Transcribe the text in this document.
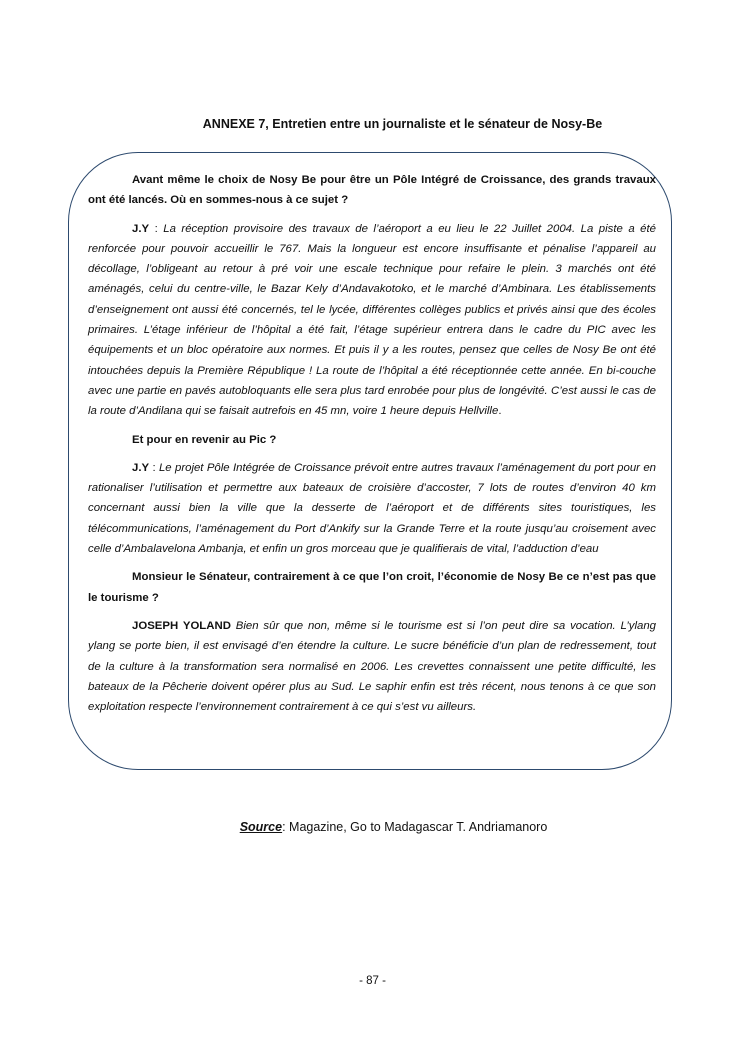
ANNEXE 7, Entretien entre un journaliste et le sénateur de Nosy-Be

Avant même le choix de Nosy Be pour être un Pôle Intégré de Croissance, des grands travaux ont été lancés. Où en sommes-nous à ce sujet ?

J.Y : La réception provisoire des travaux de l’aéroport a eu lieu le 22 Juillet 2004. La piste a été renforcée pour pouvoir accueillir le 767. Mais la longueur est encore insuffisante et pénalise l’appareil au décollage, l’obligeant au retour à pré voir une escale technique pour refaire le plein. 3 marchés ont été aménagés, celui du centre-ville, le Bazar Kely d’Andavakotoko, et le marché d’Ambinara. Les établissements d’enseignement ont aussi été concernés, tel le lycée, différentes collèges publics et privés ainsi que des écoles primaires. L’étage inférieur de l’hôpital a été fait, l’étage supérieur entrera dans le cadre du PIC avec les équipements et un bloc opératoire aux normes. Et puis il y a les routes, pensez que celles de Nosy Be ont été intouchées depuis la Première République ! La route de l’hôpital a été réceptionnée cette année. En bi-couche avec une partie en pavés autobloquants elle sera plus tard enrobée pour plus de longévité. C’est aussi le cas de la route d’Andilana qui se faisait autrefois en 45 mn, voire 1 heure depuis Hellville.

Et pour en revenir au Pic ?

J.Y : Le projet Pôle Intégrée de Croissance prévoit entre autres travaux l’aménagement du port pour en rationaliser l’utilisation et permettre aux bateaux de croisière d’accoster, 7 lots de routes d’environ 40 km concernant aussi bien la ville que la desserte de l’aéroport et de différents sites touristiques, les télécommunications, l’aménagement du Port d’Ankify sur la Grande Terre et la route jusqu’au croisement avec celle d’Ambalavelona Ambanja, et enfin un gros morceau que je qualifierais de vital, l’adduction d’eau

Monsieur le Sénateur, contrairement à ce que l’on croit, l’économie de Nosy Be ce n’est pas que le tourisme ?

JOSEPH YOLAND Bien sûr que non, même si le tourisme est si l’on peut dire sa vocation. L’ylang ylang se porte bien, il est envisagé d’en étendre la culture. Le sucre bénéficie d’un plan de redressement, tout de la culture à la transformation sera normalisé en 2006. Les crevettes connaissent une petite difficulté, les bateaux de la Pêcherie doivent opérer plus au Sud. Le saphir enfin est très récent, nous tenons à ce que son exploitation respecte l’environnement contrairement à ce qui s’est vu ailleurs.

Source: Magazine, Go to Madagascar T. Andriamanoro
- 87 -
